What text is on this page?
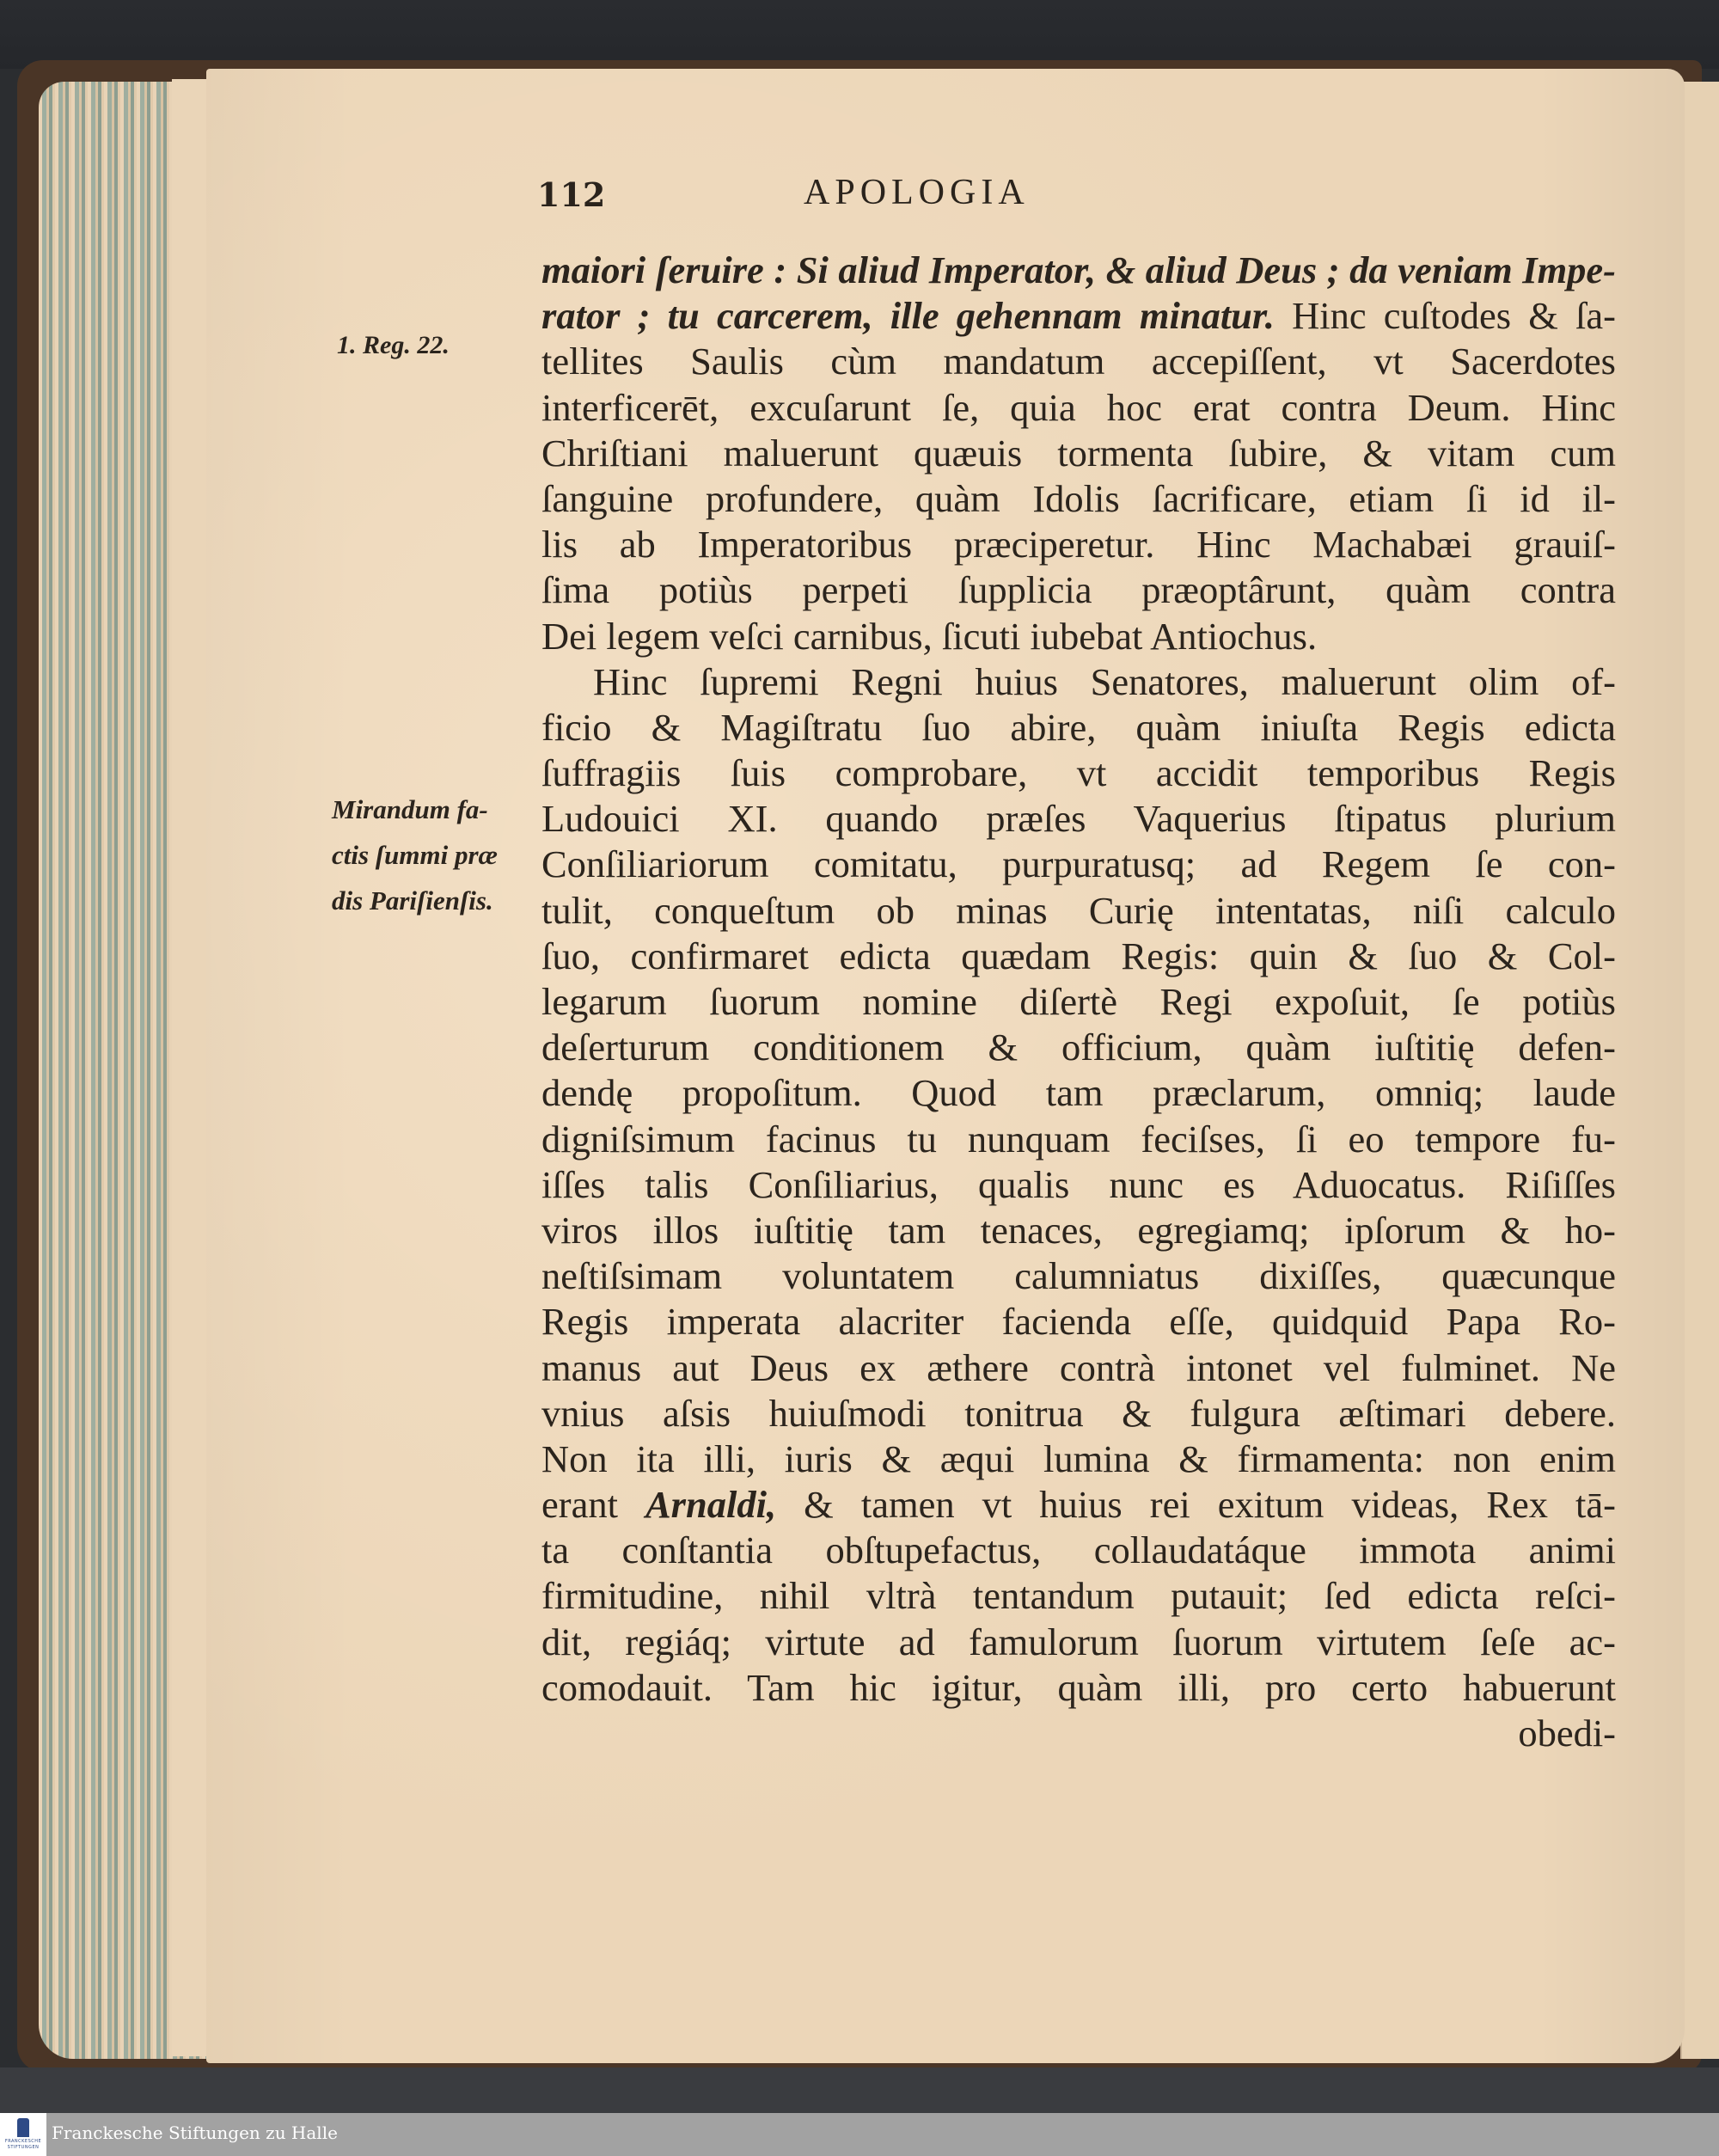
112	APOLOGIA
1. Reg. 22.
Mirandum fa-
ctis ſummi præ
dis Pariſienſis.
maiori ſeruire : Si aliud Imperator, & aliud Deus ; da veniam Impe-
rator ; tu carcerem, ille gehennam minatur. Hinc cuſtodes & ſa-
tellites Saulis cùm mandatum accepiſſent, vt Sacerdotes
interficerēt, excuſarunt ſe, quia hoc erat contra Deum. Hinc
Chriſtiani maluerunt quæuis tormenta ſubire, & vitam cum
ſanguine profundere, quàm Idolis ſacrificare, etiam ſi id il-
lis ab Imperatoribus præciperetur. Hinc Machabæi grauiſ-
ſima potiùs perpeti ſupplicia præoptârunt, quàm contra
Dei legem veſci carnibus, ſicuti iubebat Antiochus.
Hinc ſupremi Regni huius Senatores, maluerunt olim of-
ficio & Magiſtratu ſuo abire, quàm iniuſta Regis edicta
ſuffragiis ſuis comprobare, vt accidit temporibus Regis
Ludouici XI. quando præſes Vaquerius ſtipatus plurium
Conſiliariorum comitatu, purpuratusq; ad Regem ſe con-
tulit, conqueſtum ob minas Curię intentatas, niſi calculo
ſuo, confirmaret edicta quædam Regis: quin & ſuo & Col-
legarum ſuorum nomine diſertè Regi expoſuit, ſe potiùs
deſerturum conditionem & officium, quàm iuſtitię defen-
dendę propoſitum. Quod tam præclarum, omniq; laude
digniſsimum facinus tu nunquam feciſses, ſi eo tempore fu-
iſſes talis Conſiliarius, qualis nunc es Aduocatus. Riſiſſes
viros illos iuſtitię tam tenaces, egregiamq; ipſorum & ho-
neſtiſsimam voluntatem calumniatus dixiſſes, quæcunque
Regis imperata alacriter facienda eſſe, quidquid Papa Ro-
manus aut Deus ex æthere contrà intonet vel fulminet. Ne
vnius aſsis huiuſmodi tonitrua & fulgura æſtimari debere.
Non ita illi, iuris & æqui lumina & firmamenta: non enim
erant Arnaldi, & tamen vt huius rei exitum videas, Rex tā-
ta conſtantia obſtupefactus, collaudatáque immota animi
firmitudine, nihil vltrà tentandum putauit; ſed edicta reſci-
dit, regiáq; virtute ad famulorum ſuorum virtutem ſeſe ac-
comodauit. Tam hic igitur, quàm illi, pro certo habuerunt
obedi-
FRANCKESCHE
STIFTUNGEN
Franckesche Stiftungen zu Halle
